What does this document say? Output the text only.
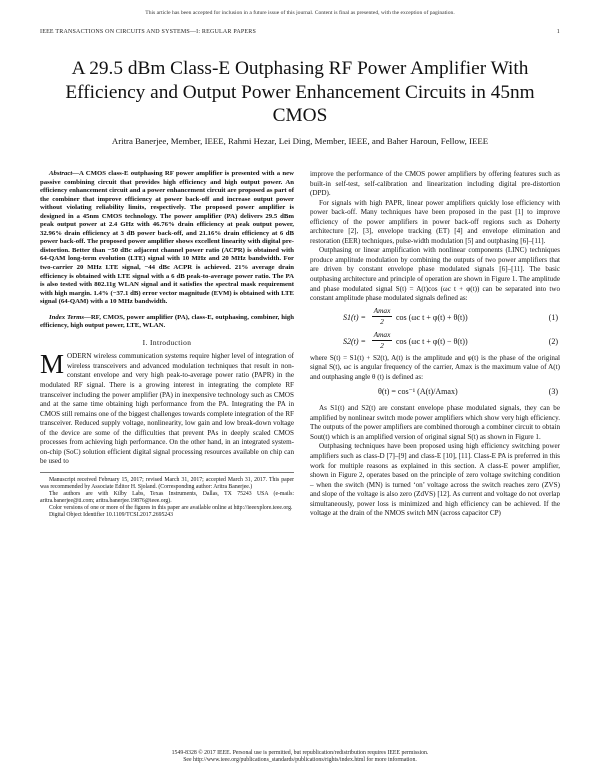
This article has been accepted for inclusion in a future issue of this journal. Content is final as presented, with the exception of pagination.
IEEE TRANSACTIONS ON CIRCUITS AND SYSTEMS—I: REGULAR PAPERS	1
A 29.5 dBm Class-E Outphasing RF Power Amplifier With Efficiency and Output Power Enhancement Circuits in 45nm CMOS
Aritra Banerjee, Member, IEEE, Rahmi Hezar, Lei Ding, Member, IEEE, and Baher Haroun, Fellow, IEEE

Abstract—A CMOS class-E outphasing RF power amplifier is presented with a new passive combining circuit that provides high efficiency and high output power. An efficiency enhancement circuit and a power enhancement circuit are proposed as part of the combiner that improve efficiency at power back-off and increase output power without violating reliability limits, respectively. The proposed power amplifier is designed in a 45nm CMOS technology. The power amplifier (PA) delivers 29.5 dBm peak output power at 2.4 GHz with 46.76% drain efficiency at peak output power, 32.96% drain efficiency at 3 dB power back-off, and 21.16% drain efficiency at 6 dB power back-off. The proposed power amplifier shows excellent linearity with digital pre-distortion. Better than −50 dBc adjacent channel power ratio (ACPR) is obtained with 64-QAM long-term evolution (LTE) signal with 10 MHz and 20 MHz bandwidth. For two-carrier 20 MHz LTE signal, −44 dBc ACPR is achieved. 21% average drain efficiency is obtained with LTE signal with a 6 dB peak-to-average power ratio. The PA is also tested with 802.11g WLAN signal and it satisfies the spectral mask requirement with high margin. 1.4% (−37.1 dB) error vector magnitude (EVM) is obtained with LTE signal (64-QAM) with a 10 MHz bandwidth.

Index Terms—RF, CMOS, power amplifier (PA), class-E, outphasing, combiner, high efficiency, high output power, LTE, WLAN.

I. Introduction

MODERN wireless communication systems require higher level of integration of wireless transceivers and advanced modulation techniques that result in non-constant envelope and very high peak-to-average power ratio (PAPR) in the modulated RF signal. There is a growing interest in integrating the complete RF transceiver including the power amplifier (PA) in inexpensive technology such as CMOS and at the same time obtaining high performance from the PA. Integrating the PA in CMOS still remains one of the biggest challenges towards complete integration of the RF transceiver. Reduced supply voltage, nonlinearity, low gain and low break-down voltage of the device are some of the difficulties that prevent PAs in deeply scaled CMOS processes from achieving high performance. On the other hand, in an integrated system-on-chip (SoC) solution efficient digital signal processing resources available on chip can be used to

Manuscript received February 15, 2017; revised March 31, 2017; accepted March 31, 2017. This paper was recommended by Associate Editor H. Sjoland. (Corresponding author: Aritra Banerjee.)

The authors are with Kilby Labs, Texas Instruments, Dallas, TX 75243 USA (e-mails: aritra.banerjee@ti.com; aritra.banerjee.19876@ieee.org).

Color versions of one or more of the figures in this paper are available online at http://ieeexplore.ieee.org.

Digital Object Identifier 10.1109/TCSI.2017.2695243

improve the performance of the CMOS power amplifiers by offering features such as built-in self-test, self-calibration and linearization including digital pre-distortion (DPD).

For signals with high PAPR, linear power amplifiers quickly lose efficiency with power back-off. Many techniques have been proposed in the past [1] to improve efficiency of the power amplifiers in power back-off regions such as Doherty architecture [2], [3], envelope tracking (ET) [4] and envelope elimination and restoration (EER) techniques, pulse-width modulation [5] and outphasing [6]–[11].

Outphasing or linear amplification with nonlinear components (LINC) techniques produce amplitude modulation by combining the outputs of two power amplifiers that are driven by constant envelope phase modulated signals [6]–[11]. The basic outphasing architecture and principle of operation are shown in Figure 1. The amplitude and phase modulated signal S(t) = A(t)cos (ωc t + φ(t)) can be separated into two constant amplitude phase modulated signals defined as:

S1(t) =
Amax
2	cos (ωc t + φ(t) + θ(t))	(1)
S2(t) =
Amax
2	cos (ωc t + φ(t) − θ(t))	(2)

where S(t) = S1(t) + S2(t), A(t) is the amplitude and φ(t) is the phase of the original signal S(t), ωc is angular frequency of the carrier, Amax is the maximum value of A(t) and outphasing angle θ (t) is defined as:

θ(t) = cos⁻¹ (A(t)/Amax)	(3)

As S1(t) and S2(t) are constant envelope phase modulated signals, they can be amplified by nonlinear switch mode power amplifiers which show very high efficiency. The outputs of the power amplifiers are combined thorough a combiner circuit to obtain Sout(t) which is an amplified version of original signal S(t) as shown in Figure 1.

Outphasing techniques have been proposed using high efficiency switching power amplifiers such as class-D [7]–[9] and class-E [10], [11]. Class-E PA is preferred in this work for multiple reasons as explained in this section. A class-E power amplifier, shown in Figure 2, operates based on the principle of zero voltage switching condition – when the switch (MN) is turned ‘on’ voltage across the switch reaches zero (ZVS) and slope of the voltage is also zero (ZdVS) [12]. As current and voltage do not overlap simultaneously, power loss is minimized and high efficiency can be achieved. If the voltage at the drain of the NMOS switch MN (across capacitor CP)

1549-8328 © 2017 IEEE. Personal use is permitted, but republication/redistribution requires IEEE permission.
See http://www.ieee.org/publications_standards/publications/rights/index.html for more information.
